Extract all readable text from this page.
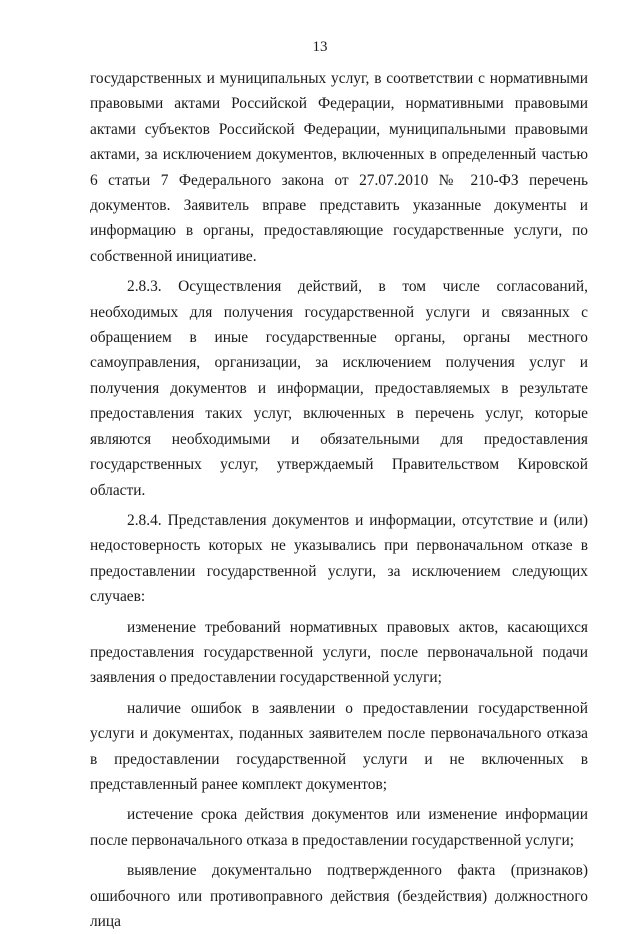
13

государственных и муниципальных услуг, в соответствии с нормативными правовыми актами Российской Федерации, нормативными правовыми актами субъектов Российской Федерации, муниципальными правовыми актами, за исключением документов, включенных в определенный частью 6 статьи 7 Федерального закона от 27.07.2010 № 210-ФЗ перечень документов. Заявитель вправе представить указанные документы и информацию в органы, предоставляющие государственные услуги, по собственной инициативе.

2.8.3. Осуществления действий, в том числе согласований, необходимых для получения государственной услуги и связанных с обращением в иные государственные органы, органы местного самоуправления, организации, за исключением получения услуг и получения документов и информации, предоставляемых в результате предоставления таких услуг, включенных в перечень услуг, которые являются необходимыми и обязательными для предоставления государственных услуг, утверждаемый Правительством Кировской области.

2.8.4. Представления документов и информации, отсутствие и (или) недостоверность которых не указывались при первоначальном отказе в предоставлении государственной услуги, за исключением следующих случаев:

изменение требований нормативных правовых актов, касающихся предоставления государственной услуги, после первоначальной подачи заявления о предоставлении государственной услуги;

наличие ошибок в заявлении о предоставлении государственной услуги и документах, поданных заявителем после первоначального отказа в предоставлении государственной услуги и не включенных в представленный ранее комплект документов;

истечение срока действия документов или изменение информации после первоначального отказа в предоставлении государственной услуги;

выявление документально подтвержденного факта (признаков) ошибочного или противоправного действия (бездействия) должностного лица
